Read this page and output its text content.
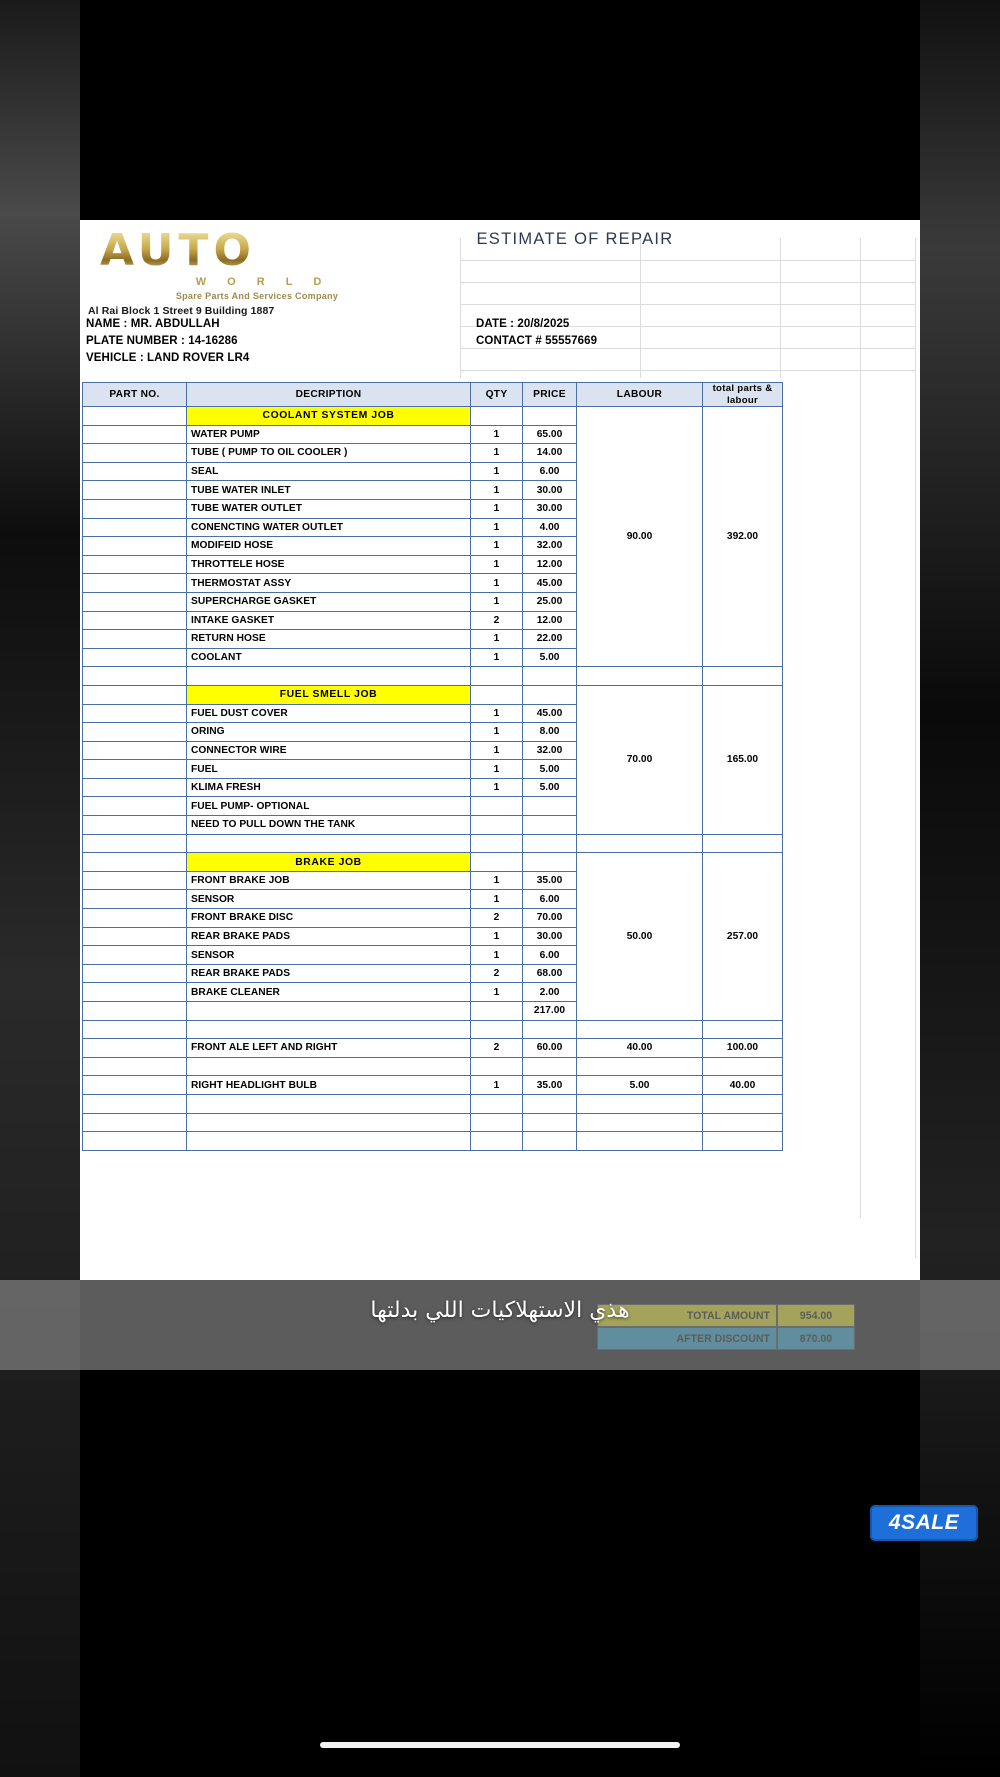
AUTO
W O R L D
Spare Parts And Services Company
Al Rai Block 1 Street 9 Building 1887
ESTIMATE OF REPAIR
NAME : MR. ABDULLAH	DATE : 20/8/2025
PLATE NUMBER : 14-16286	CONTACT # 55557669
VEHICLE : LAND ROVER LR4
PART NO.	DECRIPTION	QTY	PRICE	LABOUR	total parts & labour
	COOLANT SYSTEM JOB			90.00	392.00
	WATER PUMP	1	65.00		
	TUBE ( PUMP TO OIL COOLER )	1	14.00		
	SEAL	1	6.00		
	TUBE WATER INLET	1	30.00		
	TUBE WATER OUTLET	1	30.00		
	CONENCTING WATER OUTLET	1	4.00		
	MODIFEID HOSE	1	32.00		
	THROTTELE HOSE	1	12.00		
	THERMOSTAT ASSY	1	45.00		
	SUPERCHARGE GASKET	1	25.00		
	INTAKE GASKET	2	12.00		
	RETURN HOSE	1	22.00		
	COOLANT	1	5.00		

	FUEL SMELL JOB			70.00	165.00
	FUEL DUST COVER	1	45.00		
	ORING	1	8.00		
	CONNECTOR WIRE	1	32.00		
	FUEL	1	5.00		
	KLIMA FRESH	1	5.00		
	FUEL PUMP- OPTIONAL				
	NEED TO PULL DOWN THE TANK				

	BRAKE JOB			50.00	257.00
	FRONT BRAKE JOB	1	35.00		
	SENSOR	1	6.00		
	FRONT BRAKE DISC	2	70.00		
	REAR BRAKE PADS	1	30.00		
	SENSOR	1	6.00		
	REAR BRAKE PADS	2	68.00		
	BRAKE CLEANER	1	2.00		
			217.00		

	FRONT ALE LEFT AND RIGHT	2	60.00	40.00	100.00

	RIGHT HEADLIGHT BULB	1	35.00	5.00	40.00

هذي الاستهلاكيات اللي بدلتها
4SALE
